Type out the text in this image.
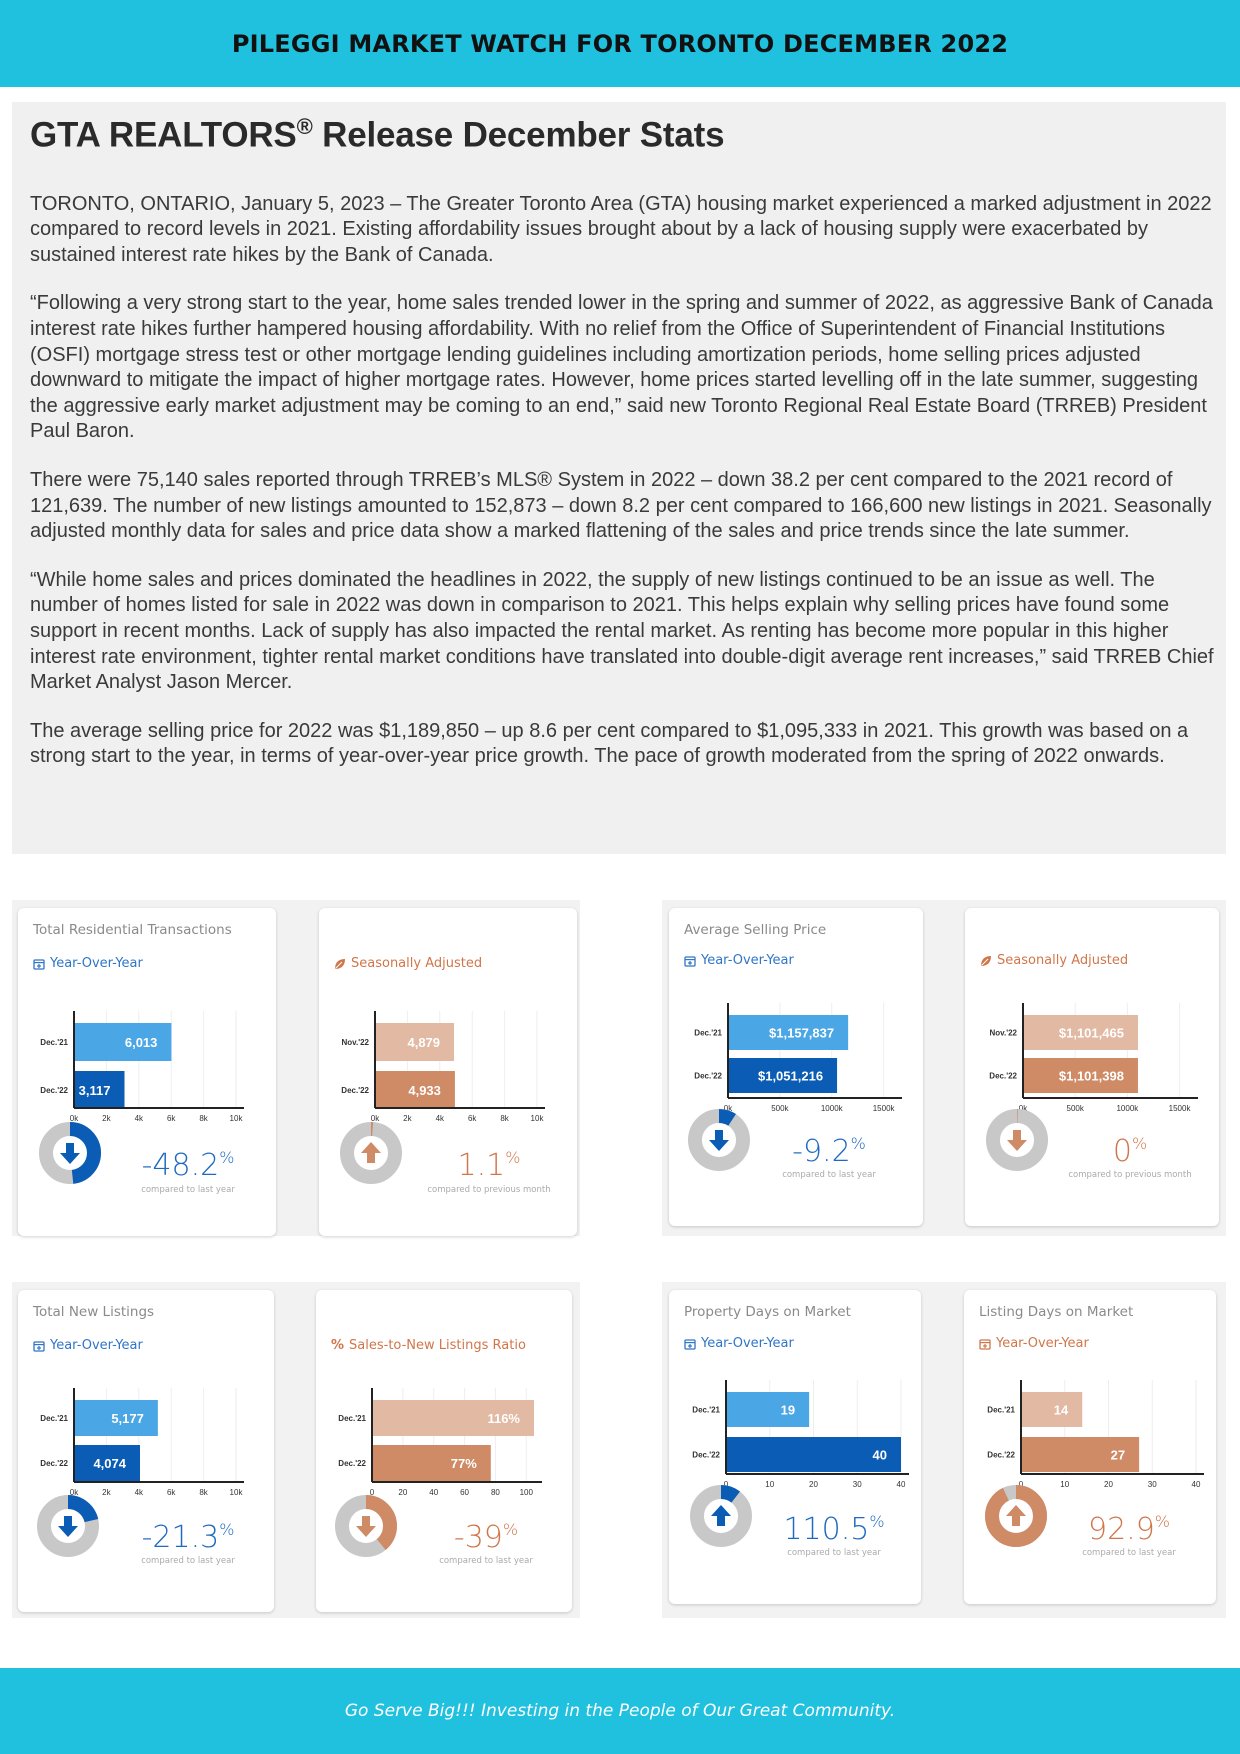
PILEGGI MARKET WATCH FOR TORONTO DECEMBER 2022
GTA REALTORS® Release December Stats

TORONTO, ONTARIO, January 5, 2023 – The Greater Toronto Area (GTA) housing market experienced a marked adjustment in 2022 compared to record levels in 2021. Existing affordability issues brought about by a lack of housing supply were exacerbated by sustained interest rate hikes by the Bank of Canada.

“Following a very strong start to the year, home sales trended lower in the spring and summer of 2022, as aggressive Bank of Canada interest rate hikes further hampered housing affordability. With no relief from the Office of Superintendent of Financial Institutions (OSFI) mortgage stress test or other mortgage lending guidelines including amortization periods, home selling prices adjusted downward to mitigate the impact of higher mortgage rates. However, home prices started levelling off in the late summer, suggesting the aggressive early market adjustment may be coming to an end,” said new Toronto Regional Real Estate Board (TRREB) President Paul Baron.

There were 75,140 sales reported through TRREB’s MLS® System in 2022 – down 38.2 per cent compared to the 2021 record of 121,639. The number of new listings amounted to 152,873 – down 8.2 per cent compared to 166,600 new listings in 2021. Seasonally adjusted monthly data for sales and price data show a marked flattening of the sales and price trends since the late summer.

“While home sales and prices dominated the headlines in 2022, the supply of new listings continued to be an issue as well. The number of homes listed for sale in 2022 was down in comparison to 2021. This helps explain why selling prices have found some support in recent months. Lack of supply has also impacted the rental market. As renting has become more popular in this higher interest rate environment, tighter rental market conditions have translated into double-digit average rent increases,” said TRREB Chief Market Analyst Jason Mercer.

The average selling price for 2022 was $1,189,850 – up 8.6 per cent compared to $1,095,333 in 2021. This growth was based on a strong start to the year, in terms of year-over-year price growth. The pace of growth moderated from the spring of 2022 onwards.

Total Residential Transactions
Year-Over-Year
0k	2k	4k	6k	8k	10k
Dec.'21	6,013
Dec.'22 3,117
-48.2%
compared to last year
Seasonally Adjusted
0k	2k	4k	6k	8k	10k
Nov.'22	4,879
Dec.'22	4,933
1.1%
compared to previous month
Average Selling Price
Year-Over-Year
0k	500k	1000k	1500k
Dec.'21	$1,157,837
Dec.'22	$1,051,216
-9.2%
compared to last year
Seasonally Adjusted
0k	500k	1000k	1500k
Nov.'22	$1,101,465
Dec.'22	$1,101,398
0%
compared to previous month
Total New Listings
Year-Over-Year
0k	2k	4k	6k	8k	10k
Dec.'21	5,177
Dec.'22 4,074
-21.3%
compared to last year
% Sales-to-New Listings Ratio
0	20	40	60	80 100
Dec.'21	116%
Dec.'22	77%
-39%
compared to last year
Property Days on Market
Year-Over-Year
0	10	20	30	40
Dec.'21	19
Dec.'22	40
110.5%
compared to last year
Listing Days on Market
Year-Over-Year
0	10	20	30	40
Dec.'21	14
Dec.'22	27
92.9%
compared to last year
Go Serve Big!!! Investing in the People of Our Great Community.
